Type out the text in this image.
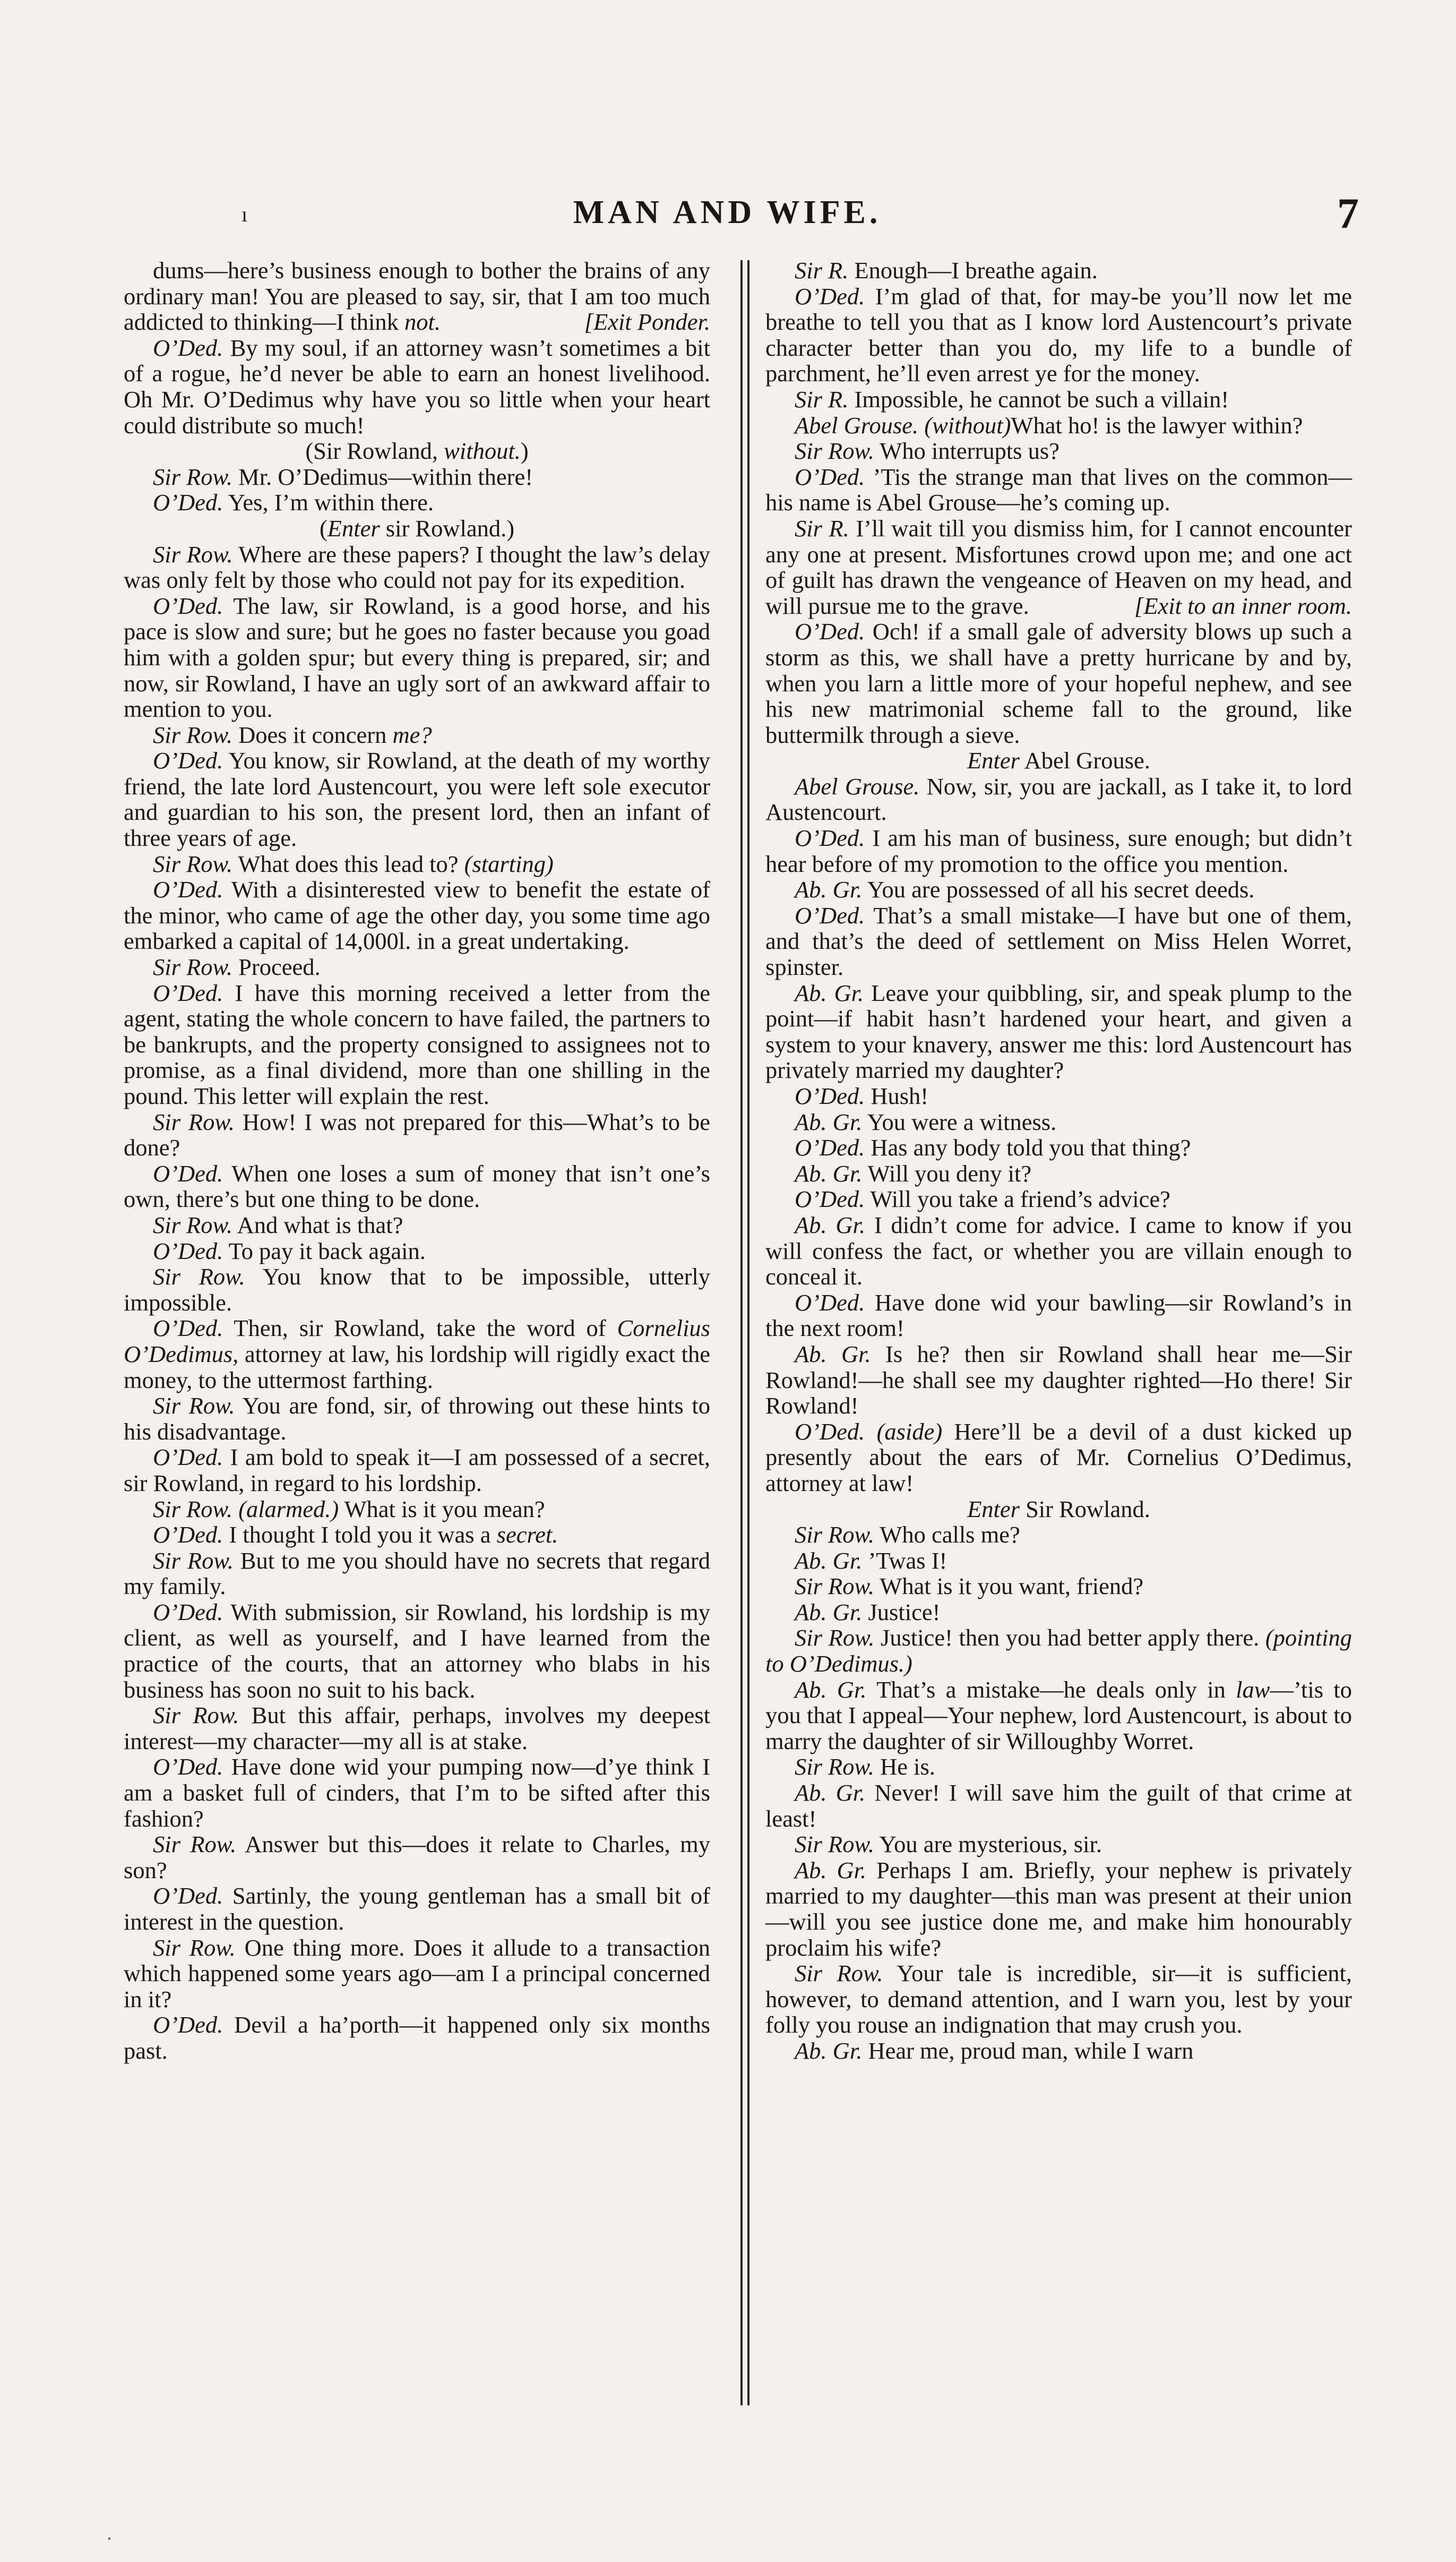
ı	MAN AND WIFE.	7

dums—here’s business enough to bother the brains of any ordinary man! You are pleased to say, sir, that I am too much addicted to thinking—I think not.	[Exit Ponder.

O’Ded. By my soul, if an attorney wasn’t sometimes a bit of a rogue, he’d never be able to earn an honest livelihood. Oh Mr. O’Dedimus why have you so little when your heart could distribute so much!

(Sir Rowland, without.)

Sir Row. Mr. O’Dedimus—within there!

O’Ded. Yes, I’m within there.

(Enter sir Rowland.)

Sir Row. Where are these papers? I thought the law’s delay was only felt by those who could not pay for its expedition.

O’Ded. The law, sir Rowland, is a good horse, and his pace is slow and sure; but he goes no faster because you goad him with a golden spur; but every thing is prepared, sir; and now, sir Rowland, I have an ugly sort of an awkward affair to mention to you.

Sir Row. Does it concern me?

O’Ded. You know, sir Rowland, at the death of my worthy friend, the late lord Austencourt, you were left sole executor and guardian to his son, the present lord, then an infant of three years of age.

Sir Row. What does this lead to? (starting)

O’Ded. With a disinterested view to benefit the estate of the minor, who came of age the other day, you some time ago embarked a capital of 14,000l. in a great undertaking.

Sir Row. Proceed.

O’Ded. I have this morning received a letter from the agent, stating the whole concern to have failed, the partners to be bankrupts, and the property consigned to assignees not to promise, as a final dividend, more than one shilling in the pound. This letter will explain the rest.

Sir Row. How! I was not prepared for this—What’s to be done?

O’Ded. When one loses a sum of money that isn’t one’s own, there’s but one thing to be done.

Sir Row. And what is that?

O’Ded. To pay it back again.

Sir Row. You know that to be impossible, utterly impossible.

O’Ded. Then, sir Rowland, take the word of Cornelius O’Dedimus, attorney at law, his lordship will rigidly exact the money, to the uttermost farthing.

Sir Row. You are fond, sir, of throwing out these hints to his disadvantage.

O’Ded. I am bold to speak it—I am possessed of a secret, sir Rowland, in regard to his lordship.

Sir Row. (alarmed.) What is it you mean?

O’Ded. I thought I told you it was a secret.

Sir Row. But to me you should have no secrets that regard my family.

O’Ded. With submission, sir Rowland, his lordship is my client, as well as yourself, and I have learned from the practice of the courts, that an attorney who blabs in his business has soon no suit to his back.

Sir Row. But this affair, perhaps, involves my deepest interest—my character—my all is at stake.

O’Ded. Have done wid your pumping now—d’ye think I am a basket full of cinders, that I’m to be sifted after this fashion?

Sir Row. Answer but this—does it relate to Charles, my son?

O’Ded. Sartinly, the young gentleman has a small bit of interest in the question.

Sir Row. One thing more. Does it allude to a transaction which happened some years ago—am I a principal concerned in it?

O’Ded. Devil a ha’porth—it happened only six months past.

Sir R. Enough—I breathe again.

O’Ded. I’m glad of that, for may-be you’ll now let me breathe to tell you that as I know lord Austencourt’s private character better than you do, my life to a bundle of parchment, he’ll even arrest ye for the money.

Sir R. Impossible, he cannot be such a villain!

Abel Grouse. (without)What ho! is the lawyer within?

Sir Row. Who interrupts us?

O’Ded. ’Tis the strange man that lives on the common—his name is Abel Grouse—he’s coming up.

Sir R. I’ll wait till you dismiss him, for I cannot encounter any one at present. Misfortunes crowd upon me; and one act of guilt has drawn the vengeance of Heaven on my head, and will pursue me to the grave.	[Exit to an inner room.

O’Ded. Och! if a small gale of adversity blows up such a storm as this, we shall have a pretty hurricane by and by, when you larn a little more of your hopeful nephew, and see his new matrimonial scheme fall to the ground, like buttermilk through a sieve.

Enter Abel Grouse.

Abel Grouse. Now, sir, you are jackall, as I take it, to lord Austencourt.

O’Ded. I am his man of business, sure enough; but didn’t hear before of my promotion to the office you mention.

Ab. Gr. You are possessed of all his secret deeds.

O’Ded. That’s a small mistake—I have but one of them, and that’s the deed of settlement on Miss Helen Worret, spinster.

Ab. Gr. Leave your quibbling, sir, and speak plump to the point—if habit hasn’t hardened your heart, and given a system to your knavery, answer me this: lord Austencourt has privately married my daughter?

O’Ded. Hush!

Ab. Gr. You were a witness.

O’Ded. Has any body told you that thing?

Ab. Gr. Will you deny it?

O’Ded. Will you take a friend’s advice?

Ab. Gr. I didn’t come for advice. I came to know if you will confess the fact, or whether you are villain enough to conceal it.

O’Ded. Have done wid your bawling—sir Rowland’s in the next room!

Ab. Gr. Is he? then sir Rowland shall hear me—Sir Rowland!—he shall see my daughter righted—Ho there! Sir Rowland!

O’Ded. (aside) Here’ll be a devil of a dust kicked up presently about the ears of Mr. Cornelius O’Dedimus, attorney at law!

Enter Sir Rowland.

Sir Row. Who calls me?

Ab. Gr. ’Twas I!

Sir Row. What is it you want, friend?

Ab. Gr. Justice!

Sir Row. Justice! then you had better apply there. (pointing to O’Dedimus.)

Ab. Gr. That’s a mistake—he deals only in law—’tis to you that I appeal—Your nephew, lord Austencourt, is about to marry the daughter of sir Willoughby Worret.

Sir Row. He is.

Ab. Gr. Never! I will save him the guilt of that crime at least!

Sir Row. You are mysterious, sir.

Ab. Gr. Perhaps I am. Briefly, your nephew is privately married to my daughter—this man was present at their union—will you see justice done me, and make him honourably proclaim his wife?

Sir Row. Your tale is incredible, sir—it is sufficient, however, to demand attention, and I warn you, lest by your folly you rouse an indignation that may crush you.

Ab. Gr. Hear me, proud man, while I warn

·
